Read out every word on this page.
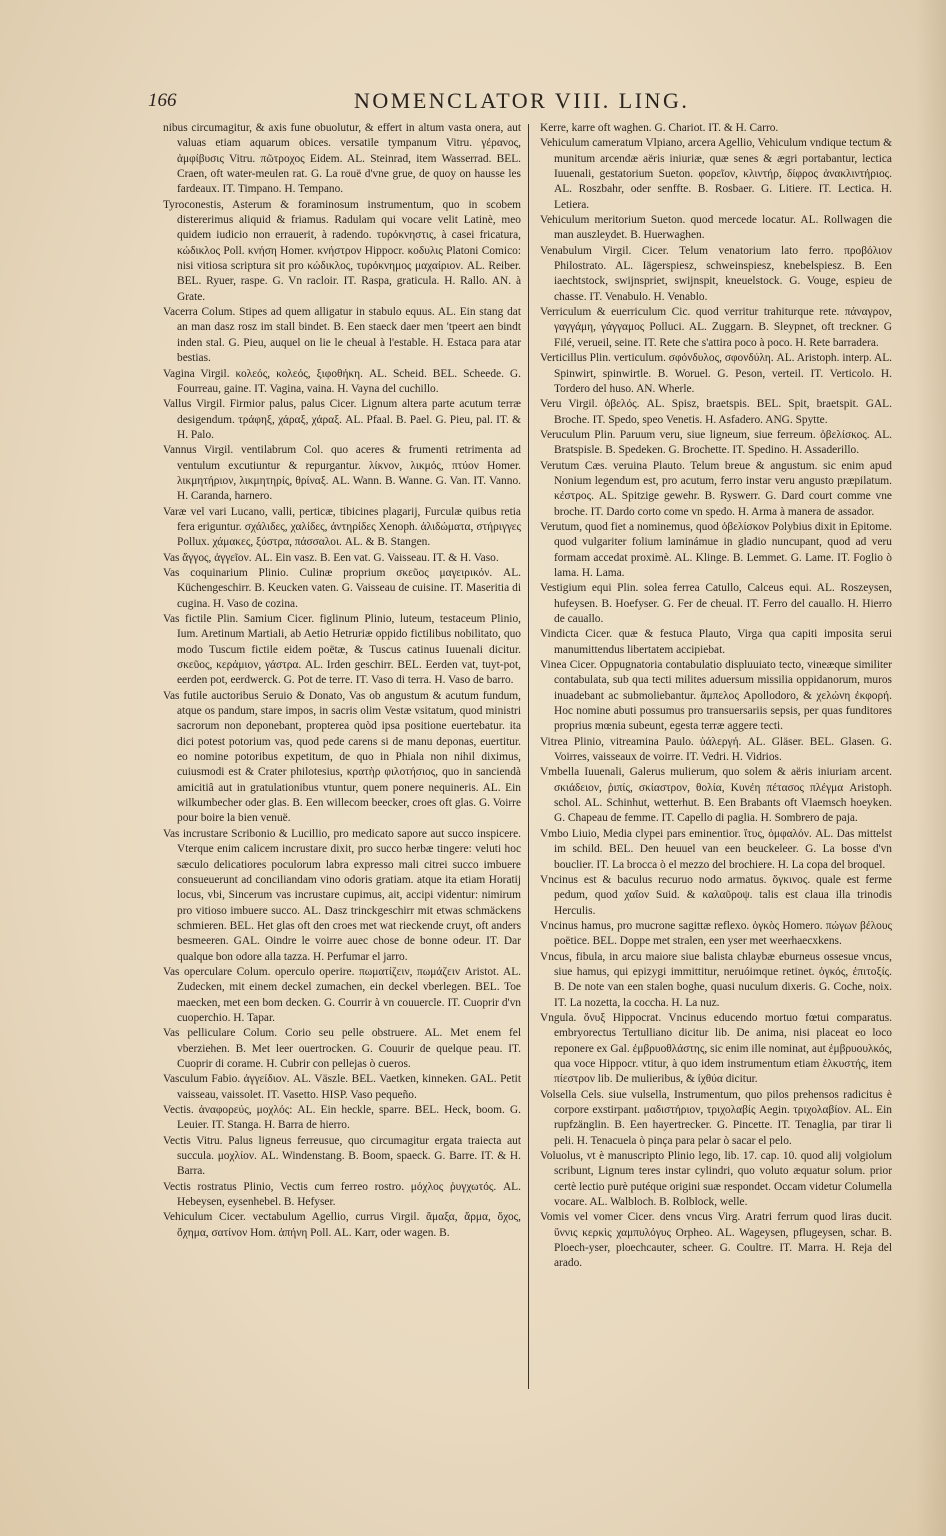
166	NOMENCLATOR VIII. LING.

nibus circumagitur, & axis fune obuolutur, & effert in altum vasta onera, aut valuas etiam aquarum obices. versatile tympanum Vitru. γέρανος, ἀμφίβυσις Vitru. πῶτροχος Eidem. AL. Steinrad, item Wasserrad. BEL. Craen, oft water-meulen rat. G. La rouë d'vne grue, de quoy on hausse les fardeaux. IT. Timpano. H. Tempano.

Tyroconestis, Asterum & foraminosum instrumentum, quo in scobem distererimus aliquid & friamus. Radulam qui vocare velit Latinè, meo quidem iudicio non errauerit, à radendo. τυρόκνηστις, à casei fricatura, κώδικλος Poll. κνήση Homer. κνήστρον Hippocr. κοδυλις Platoni Comico: nisi vitiosa scriptura sit pro κώδικλος, τυρόκνημος μαχαίριον. AL. Reiber. BEL. Ryuer, raspe. G. Vn racloir. IT. Raspa, graticula. H. Rallo. AN. à Grate.

Vacerra Colum. Stipes ad quem alligatur in stabulo equus. AL. Ein stang dat an man dasz rosz im stall bindet. B. Een staeck daer men 'tpeert aen bindt inden stal. G. Pieu, auquel on lie le cheual à l'estable. H. Estaca para atar bestias.

Vagina Virgil. κολεός, κολεός, ξιφοθήκη. AL. Scheid. BEL. Scheede. G. Fourreau, gaine. IT. Vagina, vaina. H. Vayna del cuchillo.

Vallus Virgil. Firmior palus, palus Cicer. Lignum altera parte acutum terræ desigendum. τράφηξ, χάραξ, χάραξ. AL. Pfaal. B. Pael. G. Pieu, pal. IT. & H. Palo.

Vannus Virgil. ventilabrum Col. quo aceres & frumenti retrimenta ad ventulum excutiuntur & repurgantur. λίκνον, λικμός, πτύον Homer. λικμητήριον, λικμητηρίς, θρίναξ. AL. Wann. B. Wanne. G. Van. IT. Vanno. H. Caranda, harnero.

Varæ vel vari Lucano, valli, perticæ, tibicines plagarij, Furculæ quibus retia fera eriguntur. σχάλιδες, χαλίδες, ἀντηρίδες Xenoph. ἀλιδώματα, στήριγγες Pollux. χάμακες, ξύστρα, πάσσαλοι. AL. & B. Stangen.

Vas ἄγγος, ἀγγεῖον. AL. Ein vasz. B. Een vat. G. Vaisseau. IT. & H. Vaso.

Vas coquinarium Plinio. Culinæ proprium σκεῦος μαγειρικόν. AL. Küchengeschirr. B. Keucken vaten. G. Vaisseau de cuisine. IT. Maseritia di cugina. H. Vaso de cozina.

Vas fictile Plin. Samium Cicer. figlinum Plinio, luteum, testaceum Plinio, Ium. Aretinum Martiali, ab Aetio Hetruriæ oppido fictilibus nobilitato, quo modo Tuscum fictile eidem poëtæ, & Tuscus catinus Iuuenali dicitur. σκεῦος, κεράμιον, γάστρα. AL. Irden geschirr. BEL. Eerden vat, tuyt-pot, eerden pot, eerdwerck. G. Pot de terre. IT. Vaso di terra. H. Vaso de barro.

Vas futile auctoribus Seruio & Donato, Vas ob angustum & acutum fundum, atque os pandum, stare impos, in sacris olim Vestæ vsitatum, quod ministri sacrorum non deponebant, propterea quòd ipsa positione euertebatur. ita dici potest potorium vas, quod pede carens si de manu deponas, euertitur. eo nomine potoribus expetitum, de quo in Phiala non nihil diximus, cuiusmodi est & Crater philotesius, κρατὴρ φιλοτήσιος, quo in sanciendà amicitiâ aut in gratulationibus vtuntur, quem ponere nequineris. AL. Ein wilkumbecher oder glas. B. Een willecom beecker, croes oft glas. G. Voirre pour boire la bien venuë.

Vas incrustare Scribonio & Lucillio, pro medicato sapore aut succo inspicere. Vterque enim calicem incrustare dixit, pro succo herbæ tingere: veluti hoc sæculo delicatiores poculorum labra expresso mali citrei succo imbuere consueuerunt ad conciliandam vino odoris gratiam. atque ita etiam Horatij locus, vbi, Sincerum vas incrustare cupimus, ait, accipi videntur: nimirum pro vitioso imbuere succo. AL. Dasz trinckgeschirr mit etwas schmäckens schmieren. BEL. Het glas oft den croes met wat rieckende cruyt, oft anders besmeeren. GAL. Oindre le voirre auec chose de bonne odeur. IT. Dar qualque bon odore alla tazza. H. Perfumar el jarro.

Vas operculare Colum. operculo operire. πωματίζειν, πωμάζειν Aristot. AL. Zudecken, mit einem deckel zumachen, ein deckel vberlegen. BEL. Toe maecken, met een bom decken. G. Courrir à vn couuercle. IT. Cuoprir d'vn cuoperchio. H. Tapar.

Vas pelliculare Colum. Corio seu pelle obstruere. AL. Met enem fel vberziehen. B. Met leer ouertrocken. G. Couurir de quelque peau. IT. Cuoprir di corame. H. Cubrir con pellejas ò cueros.

Vasculum Fabio. ἀγγείδιον. AL. Väszle. BEL. Vaetken, kinneken. GAL. Petit vaisseau, vaissolet. IT. Vasetto. HISP. Vaso pequeño.

Vectis. ἀναφορεύς, μοχλός: AL. Ein heckle, sparre. BEL. Heck, boom. G. Leuier. IT. Stanga. H. Barra de hierro.

Vectis Vitru. Palus ligneus ferreusue, quo circumagitur ergata traiecta aut succula. μοχλίον. AL. Windenstang. B. Boom, spaeck. G. Barre. IT. & H. Barra.

Vectis rostratus Plinio, Vectis cum ferreo rostro. μόχλος ῥυγχωτός. AL. Hebeysen, eysenhebel. B. Hefyser.

Vehiculum Cicer. vectabulum Agellio, currus Virgil. ἅμαξα, ἅρμα, ὄχος, ὄχημα, σατίνον Hom. ἀπήνη Poll. AL. Karr, oder wagen. B.

Kerre, karre oft waghen. G. Chariot. IT. & H. Carro.

Vehiculum cameratum Vlpiano, arcera Agellio, Vehiculum vndique tectum & munitum arcendæ aëris iniuriæ, quæ senes & ægri portabantur, lectica Iuuenali, gestatorium Sueton. φορεῖον, κλιντήρ, δίφρος ἀνακλιντήριος. AL. Roszbahr, oder senffte. B. Rosbaer. G. Litiere. IT. Lectica. H. Letiera.

Vehiculum meritorium Sueton. quod mercede locatur. AL. Rollwagen die man auszleydet. B. Huerwaghen.

Venabulum Virgil. Cicer. Telum venatorium lato ferro. προβόλιον Philostrato. AL. Iägerspiesz, schweinspiesz, knebelspiesz. B. Een iaechtstock, swijnspriet, swijnspit, kneuelstock. G. Vouge, espieu de chasse. IT. Venabulo. H. Venablo.

Verriculum & euerriculum Cic. quod verritur trahiturque rete. πάναγρον, γαγγάμη, γάγγαμος Polluci. AL. Zuggarn. B. Sleypnet, oft treckner. G Filé, verueil, seine. IT. Rete che s'attira poco à poco. H. Rete barradera.

Verticillus Plin. verticulum. σφόνδυλος, σφονδύλη. AL. Aristoph. interp. AL. Spinwirt, spinwirtle. B. Woruel. G. Peson, verteil. IT. Verticolo. H. Tordero del huso. AN. Wherle.

Veru Virgil. ὀβελός. AL. Spisz, braetspis. BEL. Spit, braetspit. GAL. Broche. IT. Spedo, speo Venetis. H. Asfadero. ANG. Spytte.

Veruculum Plin. Paruum veru, siue ligneum, siue ferreum. ὀβελίσκος. AL. Bratspisle. B. Spedeken. G. Brochette. IT. Spedino. H. Assaderillo.

Verutum Cæs. veruina Plauto. Telum breue & angustum. sic enim apud Nonium legendum est, pro acutum, ferro instar veru angusto præpilatum. κέστρος. AL. Spitzige gewehr. B. Ryswerr. G. Dard court comme vne broche. IT. Dardo corto come vn spedo. H. Arma à manera de assador.

Verutum, quod fiet a nominemus, quod ὀβελίσκον Polybius dixit in Epitome. quod vulgariter folium laminámue in gladio nuncupant, quod ad veru formam accedat proximè. AL. Klinge. B. Lemmet. G. Lame. IT. Foglio ò lama. H. Lama.

Vestigium equi Plin. solea ferrea Catullo, Calceus equi. AL. Roszeysen, hufeysen. B. Hoefyser. G. Fer de cheual. IT. Ferro del cauallo. H. Hierro de cauallo.

Vindicta Cicer. quæ & festuca Plauto, Virga qua capiti imposita serui manumittendus libertatem accipiebat.

Vinea Cicer. Oppugnatoria contabulatio displuuiato tecto, vineæque similiter contabulata, sub qua tecti milites aduersum missilia oppidanorum, muros inuadebant ac submoliebantur. ἄμπελος Apollodoro, & χελώνη ἐκφορή. Hoc nomine abuti possumus pro transuersariis sepsis, per quas funditores proprius mœnia subeunt, egesta terræ aggere tecti.

Vitrea Plinio, vitreamina Paulo. ὑάλεργή. AL. Gläser. BEL. Glasen. G. Voirres, vaisseaux de voirre. IT. Vedri. H. Vidrios.

Vmbella Iuuenali, Galerus mulierum, quo solem & aëris iniuriam arcent. σκιάδειον, ῥιπίς, σκίαστρον, θολία, Κυνέη πέτασος πλέγμα Aristoph. schol. AL. Schinhut, wetterhut. B. Een Brabants oft Vlaemsch hoeyken. G. Chapeau de femme. IT. Capello di paglia. H. Sombrero de paja.

Vmbo Liuio, Media clypei pars eminentior. ἴτυς, ὀμφαλόν. AL. Das mittelst im schild. BEL. Den heuuel van een beuckeleer. G. La bosse d'vn bouclier. IT. La brocca ò el mezzo del brochiere. H. La copa del broquel.

Vncinus est & baculus recuruo nodo armatus. ὄγκινος. quale est ferme pedum, quod χαΐον Suid. & καλαῦροψ. talis est claua illa trinodis Herculis.

Vncinus hamus, pro mucrone sagittæ reflexo. ὀγκὸς Homero. πώγων βέλους poëtice. BEL. Doppe met stralen, een yser met weerhaecxkens.

Vncus, fibula, in arcu maiore siue balista chlaybæ eburneus ossesue vncus, siue hamus, qui epizygi immittitur, neruóimque retinet. ὀγκός, ἐπιτοξίς. B. De note van een stalen boghe, quasi nuculum dixeris. G. Coche, noix. IT. La nozetta, la coccha. H. La nuz.

Vngula. ὄνυξ Hippocrat. Vncinus educendo mortuo fœtui comparatus. embryorectus Tertulliano dicitur lib. De anima, nisi placeat eo loco reponere ex Gal. ἐμβρυοθλάστης, sic enim ille nominat, aut ἐμβρυουλκός, qua voce Hippocr. vtitur, à quo idem instrumentum etiam ἑλκυστής, item πίεστρον lib. De mulieribus, & ἰχθύα dicitur.

Volsella Cels. siue vulsella, Instrumentum, quo pilos prehensos radicitus è corpore exstirpant. μαδιστήριον, τριχολαβίς Aegin. τριχολαβίον. AL. Ein rupfzänglin. B. Een hayertrecker. G. Pincette. IT. Tenaglia, par tirar li peli. H. Tenacuela ò pinça para pelar ò sacar el pelo.

Voluolus, vt è manuscripto Plinio lego, lib. 17. cap. 10. quod alij volgiolum scribunt, Lignum teres instar cylindri, quo voluto æquatur solum. prior certè lectio purè putéque origini suæ respondet. Occam videtur Columella vocare. AL. Walbloch. B. Rolblock, welle.

Vomis vel vomer Cicer. dens vncus Virg. Aratri ferrum quod liras ducit. ὕννις κερκὶς χαμπυλόγυς Orpheo. AL. Wageysen, pflugeysen, schar. B. Ploech-yser, ploechcauter, scheer. G. Coultre. IT. Marra. H. Reja del arado.
